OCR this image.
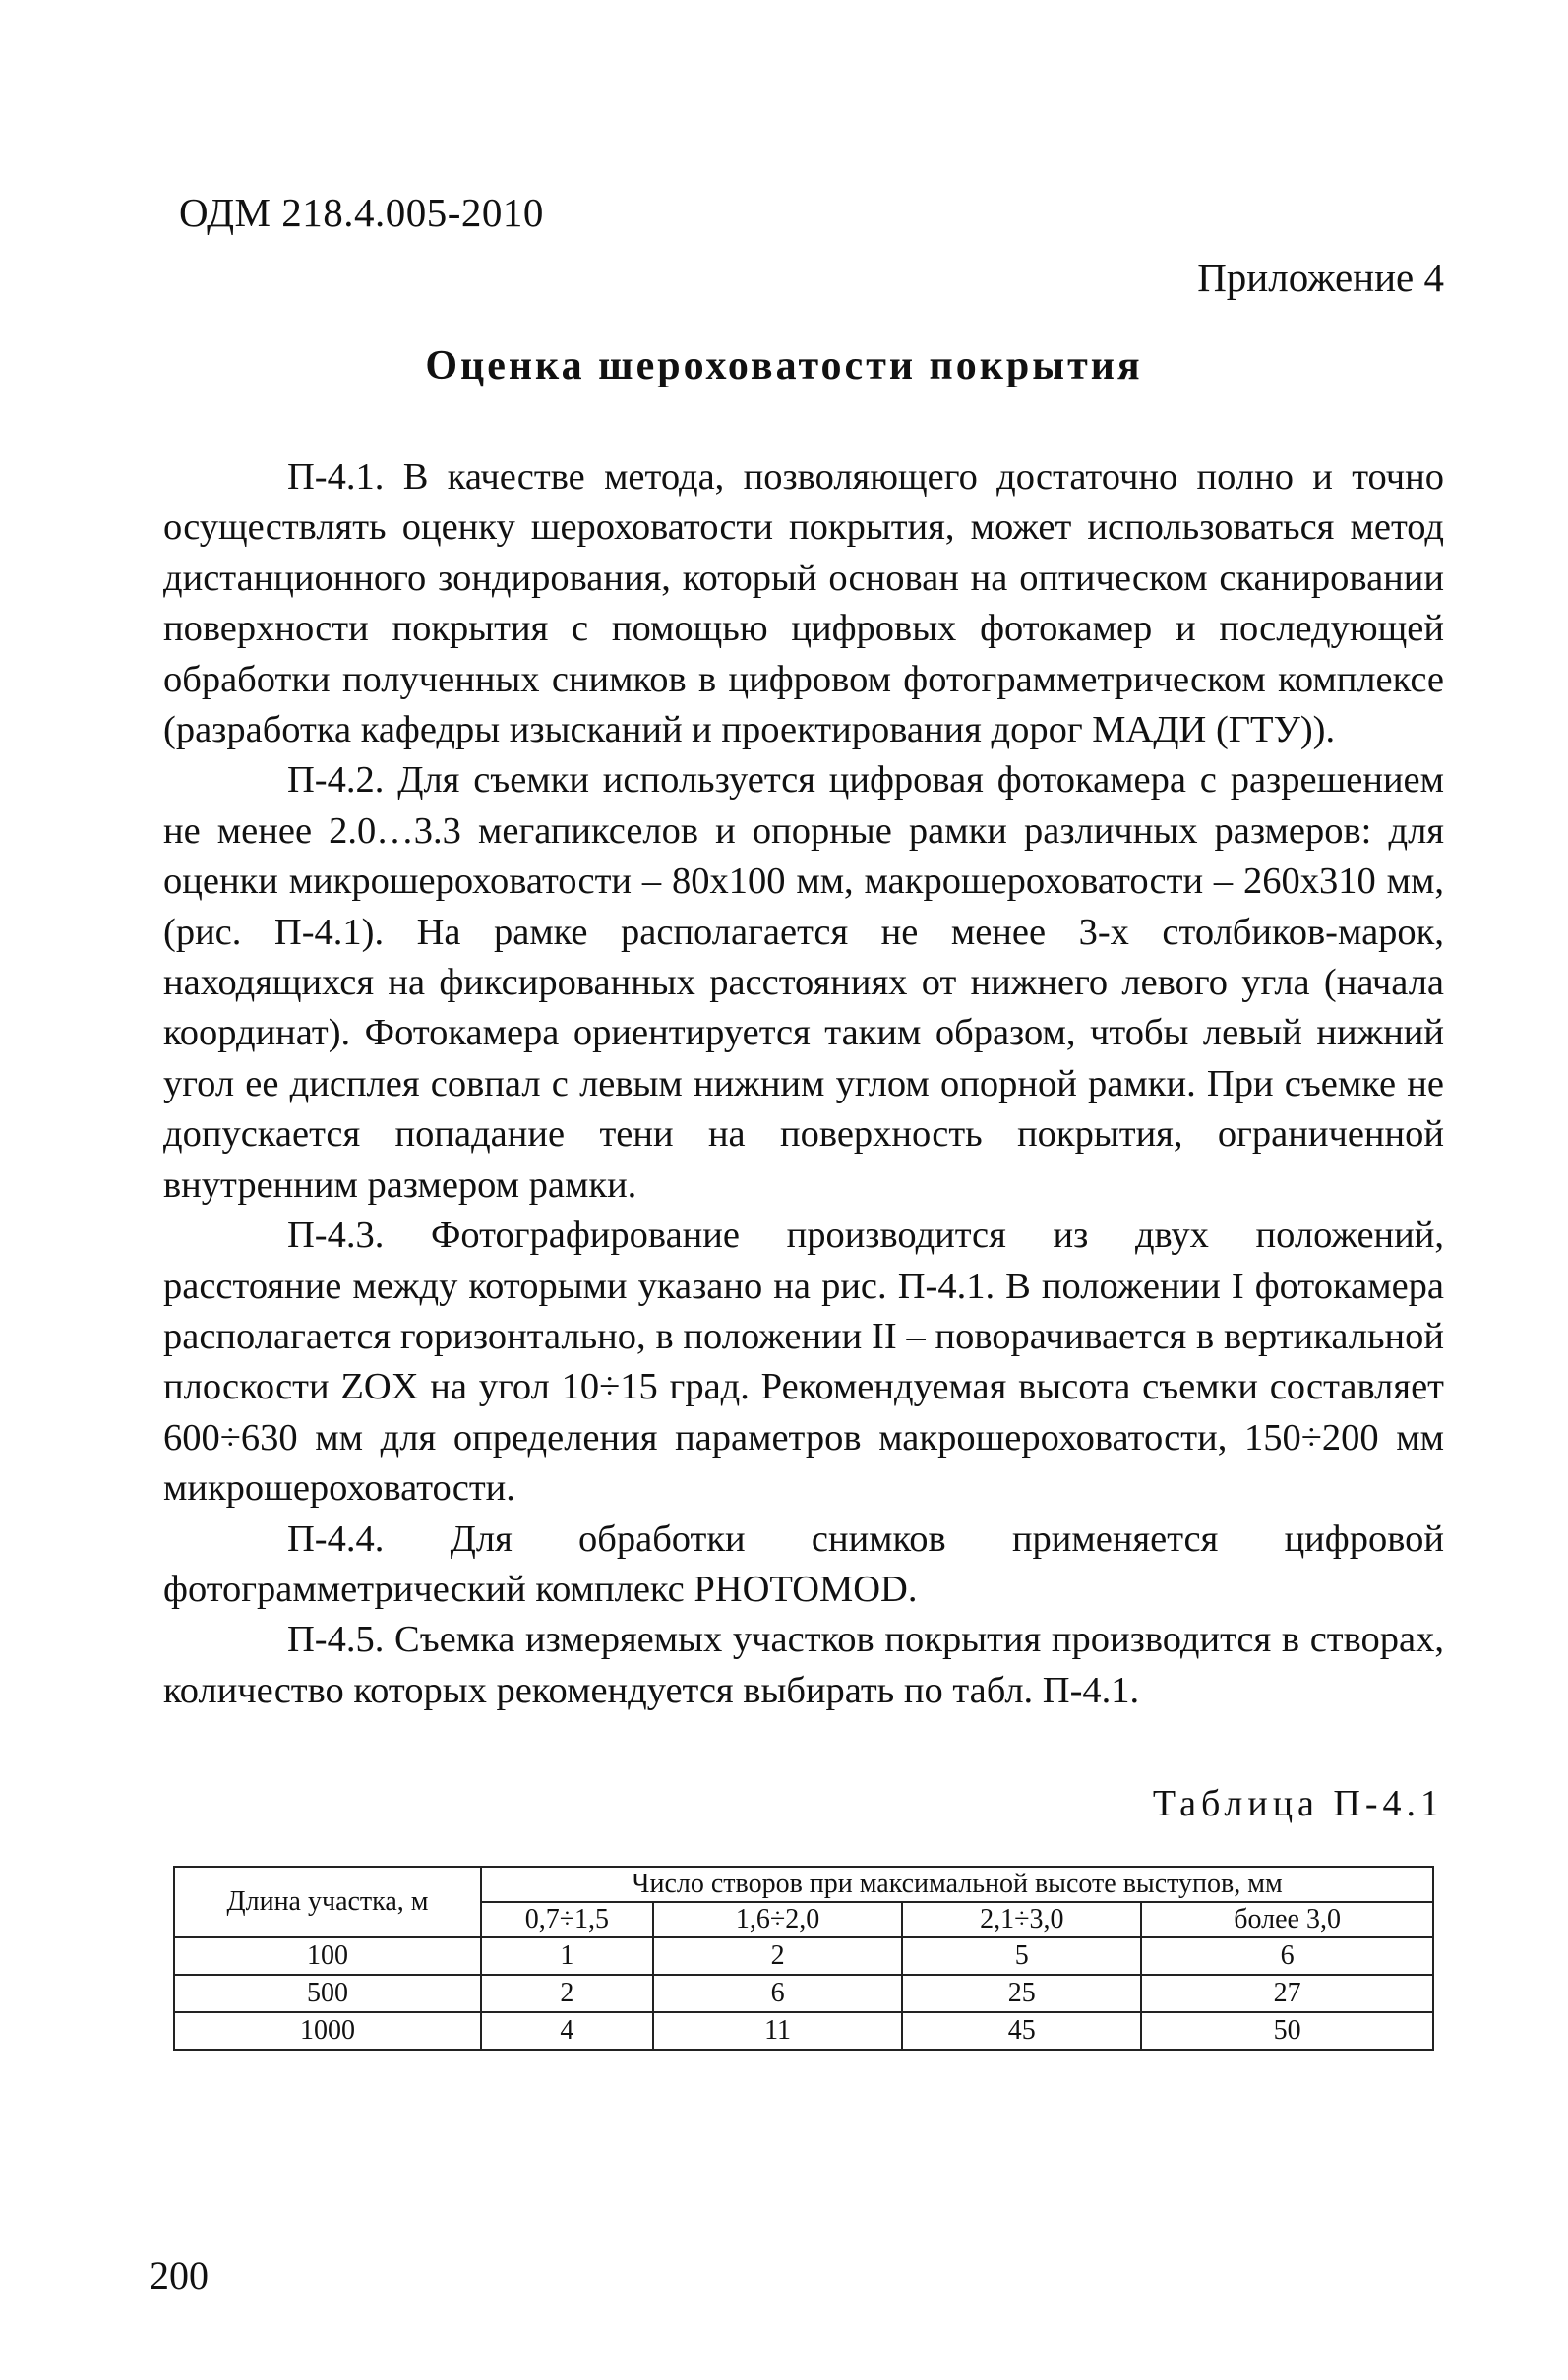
ОДМ 218.4.005-2010
Приложение 4
Оценка шероховатости покрытия

П-4.1. В качестве метода, позволяющего достаточно полно и точно осуществлять оценку шероховатости покрытия, может использоваться метод дистанционного зондирования, который основан на оптическом сканировании поверхности покрытия с помощью цифровых фотокамер и последующей обработки полученных снимков в цифровом фотограмметрическом комплексе (разработка кафедры изысканий и проектирования дорог МАДИ (ГТУ)).

П-4.2. Для съемки используется цифровая фотокамера с разрешением не менее 2.0…3.3 мегапикселов и опорные рамки различных размеров: для оценки микрошероховатости – 80х100 мм, макрошероховатости – 260х310 мм, (рис. П-4.1). На рамке располагается не менее 3-х столбиков-марок, находящихся на фиксированных расстояниях от нижнего левого угла (начала координат). Фотокамера ориентируется таким образом, чтобы левый нижний угол ее дисплея совпал с левым нижним углом опорной рамки. При съемке не допускается попадание тени на поверхность покрытия, ограниченной внутренним размером рамки.

П-4.3. Фотографирование производится из двух положений, расстояние между которыми указано на рис. П-4.1. В положении I фотокамера располагается горизонтально, в положении II – поворачивается в вертикальной плоскости ZOX на угол 10÷15 град. Рекомендуемая высота съемки составляет 600÷630 мм для определения параметров макрошероховатости, 150÷200 мм микрошероховатости.

П-4.4. Для обработки снимков применяется цифровой фотограмметрический комплекс PHOTOMOD.

П-4.5. Съемка измеряемых участков покрытия производится в створах, количество которых рекомендуется выбирать по табл. П-4.1.

Таблица П-4.1
Длина участка, м	Число створов при максимальной высоте выступов, мм			
	0,7÷1,5	1,6÷2,0	2,1÷3,0	более 3,0
100	1	2	5	6
500	2	6	25	27
1000	4	11	45	50
200
